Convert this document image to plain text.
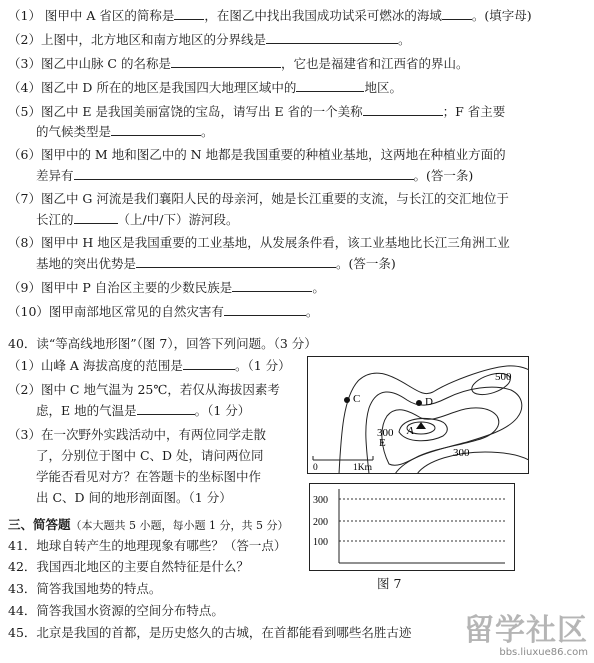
（1） 图甲中 A 省区的简称是 ，在图乙中找出我国成功试采可燃冰的海域 。(填字母)
（2）上图中，北方地区和南方地区的分界线是	。
（3）图乙中山脉 C 的名称是	，它也是福建省和江西省的界山。
（4）图乙中 D 所在的地区是我国四大地理区域中的	地区。
（5）图乙中 E 是我国美丽富饶的宝岛，请写出 E 省的一个美称	；F 省主要
的气候类型是	。
（6）图甲中的 M 地和图乙中的 N 地都是我国重要的种植业基地，这两地在种植业方面的
差异有	。(答一条)
（7）图乙中 G 河流是我们襄阳人民的母亲河，她是长江重要的支流，与长江的交汇地位于
长江的	（上/中/下）游河段。
（8）图甲中 H 地区是我国重要的工业基地，从发展条件看，该工业基地比长江三角洲工业
基地的突出优势是	。(答一条)
（9）图甲中 P 自治区主要的少数民族是	。
（10）图甲南部地区常见的自然灾害有	。
40．读“等高线地形图”（图 7），回答下列问题。（3 分）
（1）山峰 A 海拔高度的范围是	。（1 分）
（2）图中 C 地气温为 25℃，若仅从海拔因素考
虑，E 地的气温是	。（1 分）
（3）在一次野外实践活动中，有两位同学走散
了，分别位于图中 C、D 处，请问两位同
学能否看见对方？在答题卡的坐标图中作
出 C、D 间的地形剖面图。（1 分）
C	D
A
E
500
300
300
0	1Km
300
200
100
图 7
三、简答题（本大题共 5 小题，每小题 1 分，共 5 分）
41．地球自转产生的地理现象有哪些？（答一点）
42．我国西北地区的主要自然特征是什么？
43．简答我国地势的特点。
44．简答我国水资源的空间分布特点。
45．北京是我国的首都，是历史悠久的古城，在首都能看到哪些名胜古迹	留学社区
bbs.liuxue86.com
